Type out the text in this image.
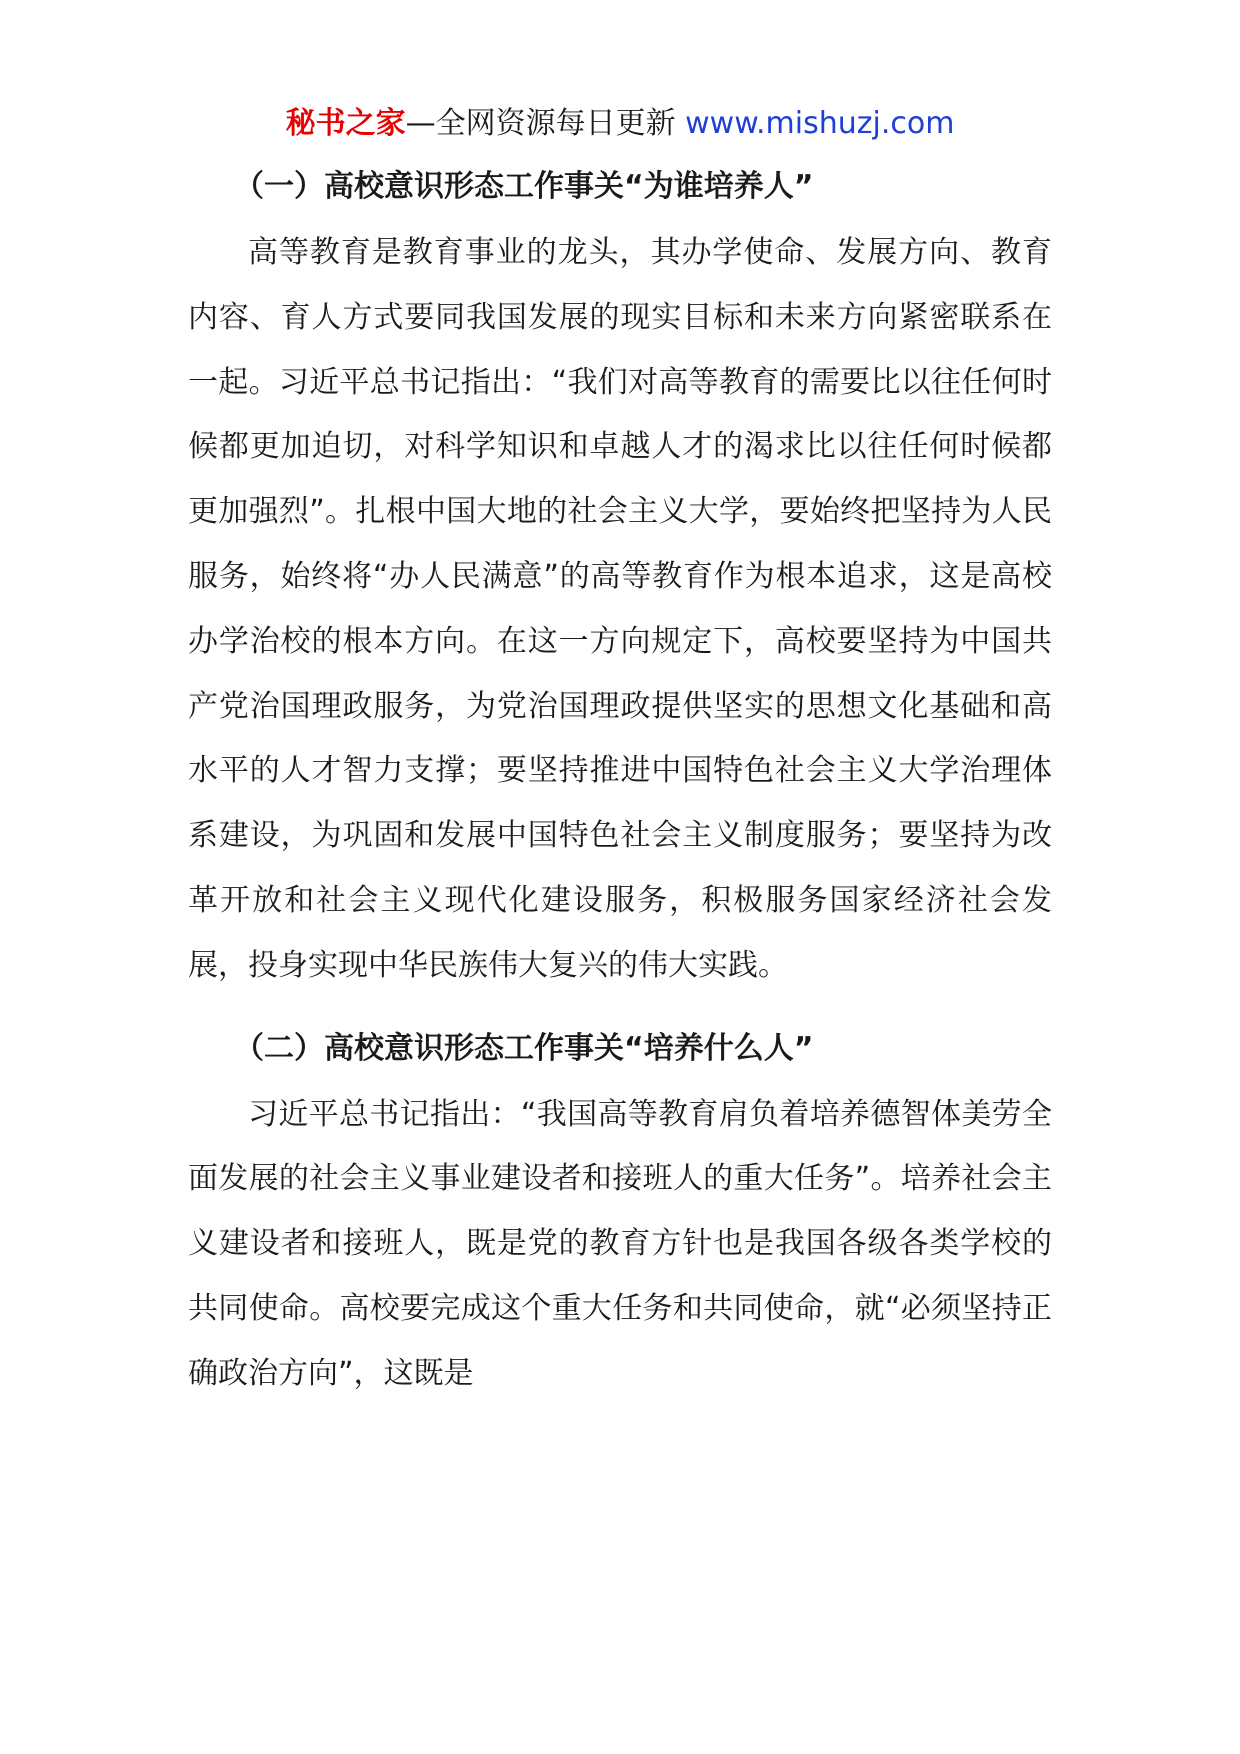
秘书之家—全网资源每日更新 www.mishuzj.com
（一）高校意识形态工作事关“为谁培养人”

高等教育是教育事业的龙头，其办学使命、发展方向、教育内容、育人方式要同我国发展的现实目标和未来方向紧密联系在一起。习近平总书记指出：“我们对高等教育的需要比以往任何时候都更加迫切，对科学知识和卓越人才的渴求比以往任何时候都更加强烈”。扎根中国大地的社会主义大学，要始终把坚持为人民服务，始终将“办人民满意”的高等教育作为根本追求，这是高校办学治校的根本方向。在这一方向规定下，高校要坚持为中国共产党治国理政服务，为党治国理政提供坚实的思想文化基础和高水平的人才智力支撑；要坚持推进中国特色社会主义大学治理体系建设，为巩固和发展中国特色社会主义制度服务；要坚持为改革开放和社会主义现代化建设服务，积极服务国家经济社会发展，投身实现中华民族伟大复兴的伟大实践。

（二）高校意识形态工作事关“培养什么人”

习近平总书记指出：“我国高等教育肩负着培养德智体美劳全面发展的社会主义事业建设者和接班人的重大任务”。培养社会主义建设者和接班人，既是党的教育方针也是我国各级各类学校的共同使命。高校要完成这个重大任务和共同使命，就“必须坚持正确政治方向”，这既是
